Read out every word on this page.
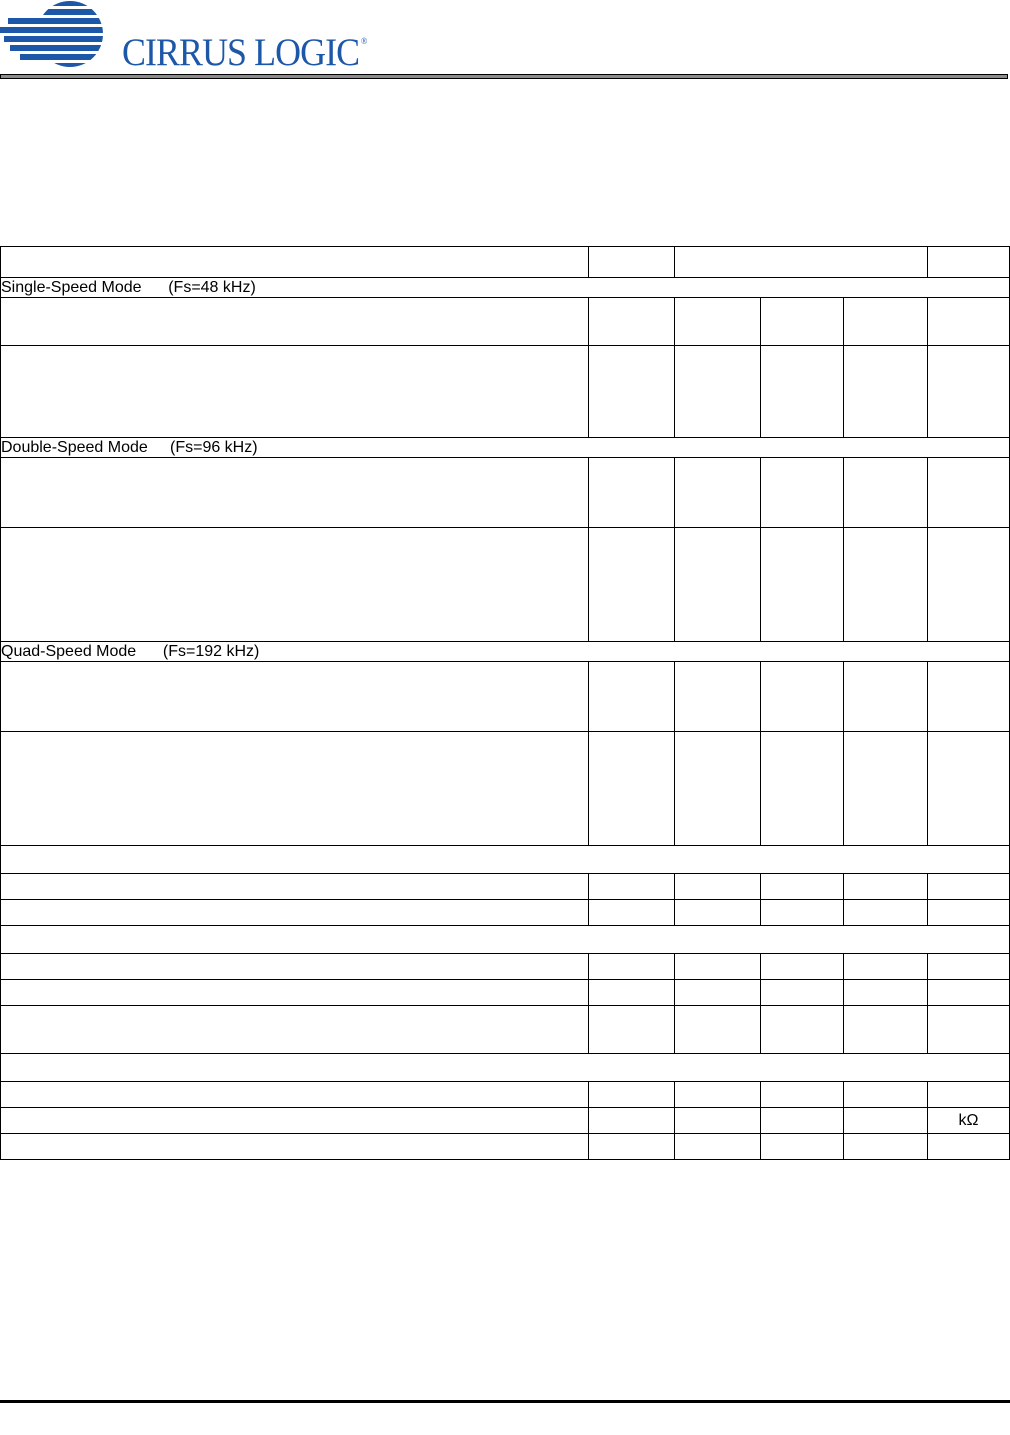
CIRRUS LOGIC ®

Single-Speed Mode      (Fs=48 kHz)					

Double-Speed Mode     (Fs=96 kHz)					

Quad-Speed Mode      (Fs=192 kHz)					

					kΩ
